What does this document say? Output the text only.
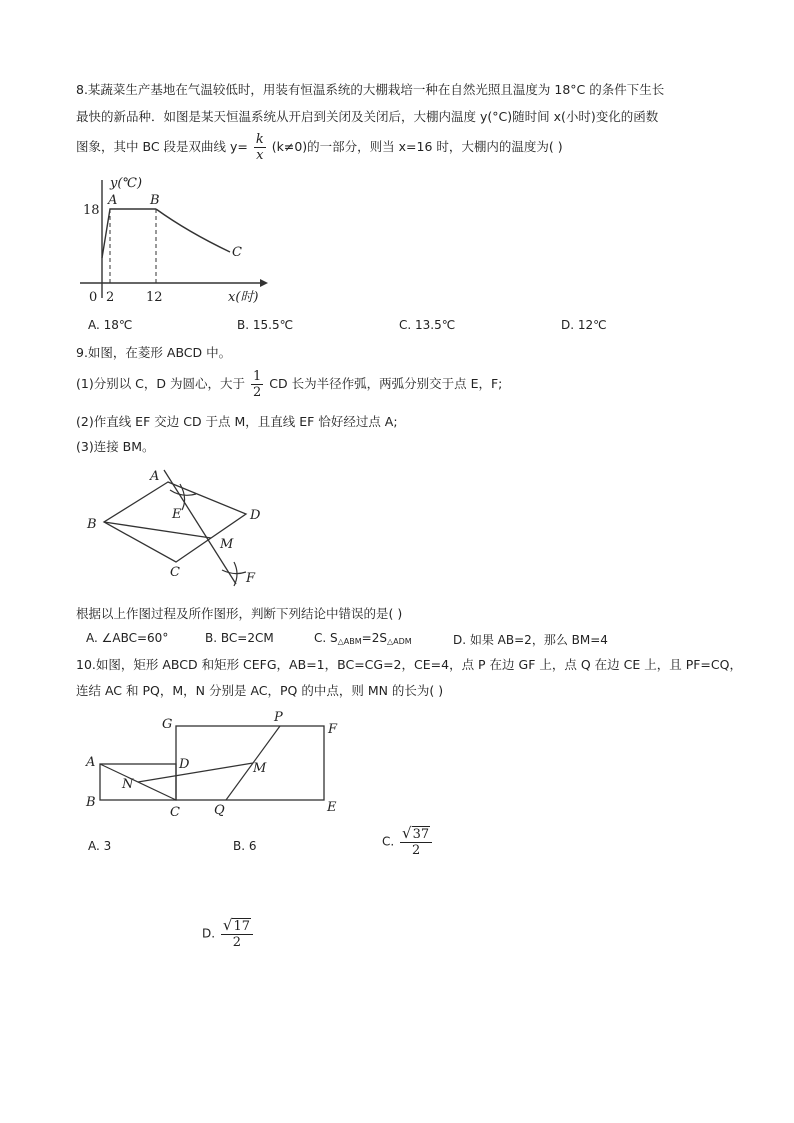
8.某蔬菜生产基地在气温较低时，用装有恒温系统的大棚栽培一种在自然光照且温度为 18°C 的条件下生长
最快的新品种．如图是某天恒温系统从开启到关闭及关闭后，大棚内温度 y(°C)随时间 x(小时)变化的函数
图象，其中 BC 段是双曲线 $y= \frac{k}{x} (k\ne 0)$的一部分，则当 x=16 时，大棚内的温度为( )
y(℃)
18
A	B
C
0 2 12	x(时)
A. 18℃	B. 15.5℃	C. 13.5℃	D. 12℃
9.如图，在菱形 ABCD 中。
(1)分别以 C，D 为圆心，大于 $\frac{1}{2}$ CD 长为半径作弧，两弧分别交于点 E，F;
(2)作直线 EF 交边 CD 于点 M，且直线 EF 恰好经过点 A;
(3)连接 BM。
A
B
C
D
E
M
F
根据以上作图过程及所作图形，判断下列结论中错误的是( )
A. ∠ABC=60°	B. BC=2CM	C. $S_{\triangle ABM}=2S_{\triangle ADM}$	D. 如果 AB=2，那么 BM=4
10.如图，矩形 ABCD 和矩形 CEFG，AB=1，BC=CG=2，CE=4，点 P 在边 GF 上，点 Q 在边 CE 上，且 PF=CQ，
连结 AC 和 PQ，M，N 分别是 AC，PQ 的中点，则 MN 的长为( )
A
B
C
D
E
F
G
M
N
P
Q
A. 3	B. 6	C. $\frac{√37}{2}$
D. $\frac{√17}{2}$
